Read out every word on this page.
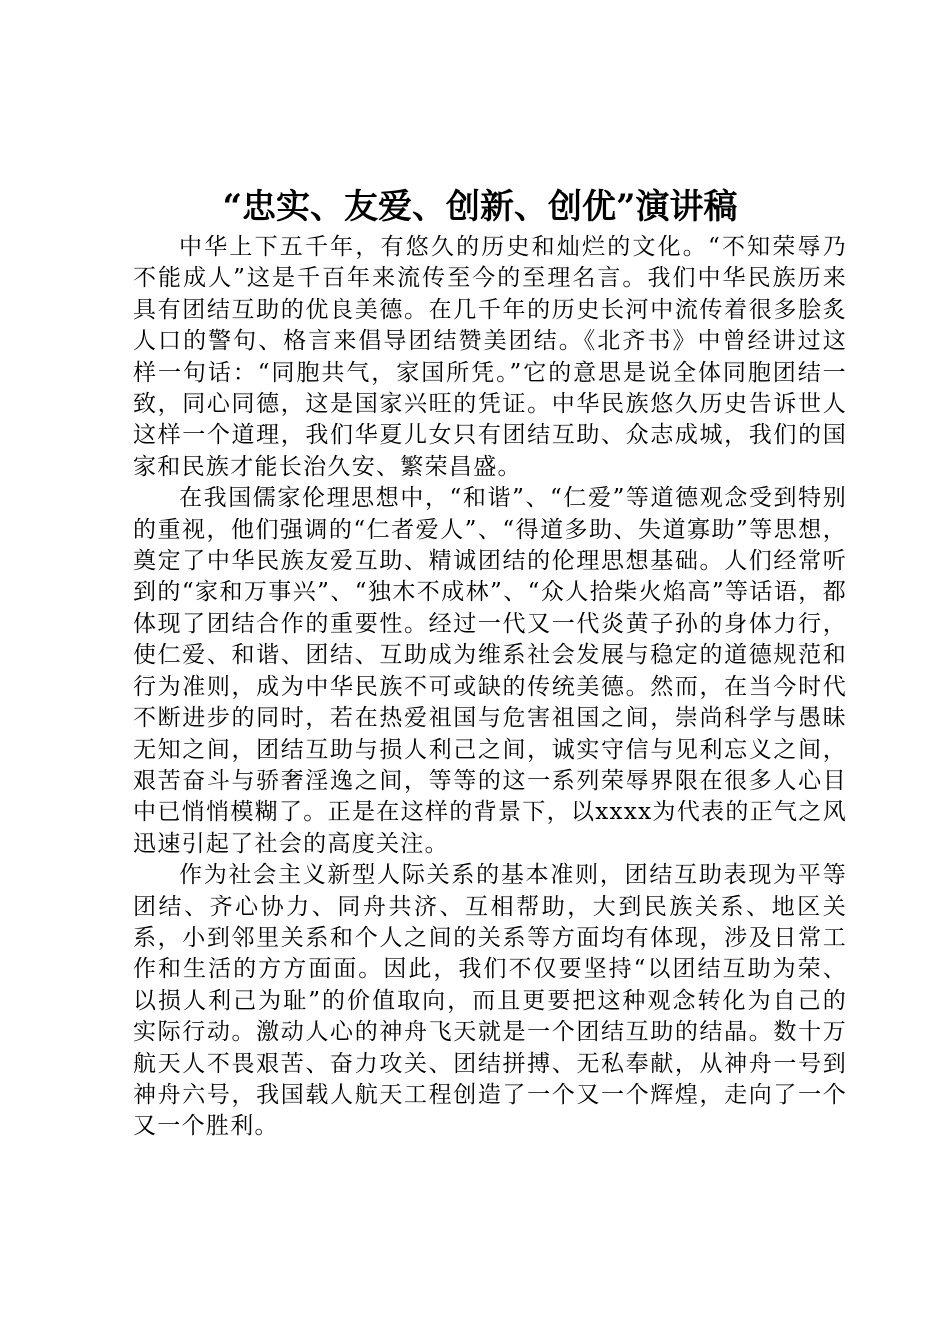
“忠实、友爱、创新、创优”演讲稿

中华上下五千年，有悠久的历史和灿烂的文化。“不知荣辱乃不能成人”这是千百年来流传至今的至理名言。我们中华民族历来具有团结互助的优良美德。在几千年的历史长河中流传着很多脍炙人口的警句、格言来倡导团结赞美团结。《北齐书》中曾经讲过这样一句话：“同胞共气，家国所凭。”它的意思是说全体同胞团结一致，同心同德，这是国家兴旺的凭证。中华民族悠久历史告诉世人这样一个道理，我们华夏儿女只有团结互助、众志成城，我们的国家和民族才能长治久安、繁荣昌盛。

在我国儒家伦理思想中，“和谐”、“仁爱”等道德观念受到特别的重视，他们强调的“仁者爱人”、“得道多助、失道寡助”等思想，奠定了中华民族友爱互助、精诚团结的伦理思想基础。人们经常听到的“家和万事兴”、“独木不成林”、“众人拾柴火焰高”等话语，都体现了团结合作的重要性。经过一代又一代炎黄子孙的身体力行，使仁爱、和谐、团结、互助成为维系社会发展与稳定的道德规范和行为准则，成为中华民族不可或缺的传统美德。然而，在当今时代不断进步的同时，若在热爱祖国与危害祖国之间，崇尚科学与愚昧无知之间，团结互助与损人利己之间，诚实守信与见利忘义之间，艰苦奋斗与骄奢淫逸之间，等等的这一系列荣辱界限在很多人心目中已悄悄模糊了。正是在这样的背景下，以xxxx为代表的正气之风迅速引起了社会的高度关注。

作为社会主义新型人际关系的基本准则，团结互助表现为平等团结、齐心协力、同舟共济、互相帮助，大到民族关系、地区关系，小到邻里关系和个人之间的关系等方面均有体现，涉及日常工作和生活的方方面面。因此，我们不仅要坚持“以团结互助为荣、以损人利己为耻”的价值取向，而且更要把这种观念转化为自己的实际行动。激动人心的神舟飞天就是一个团结互助的结晶。数十万航天人不畏艰苦、奋力攻关、团结拼搏、无私奉献，从神舟一号到神舟六号，我国载人航天工程创造了一个又一个辉煌，走向了一个又一个胜利。
